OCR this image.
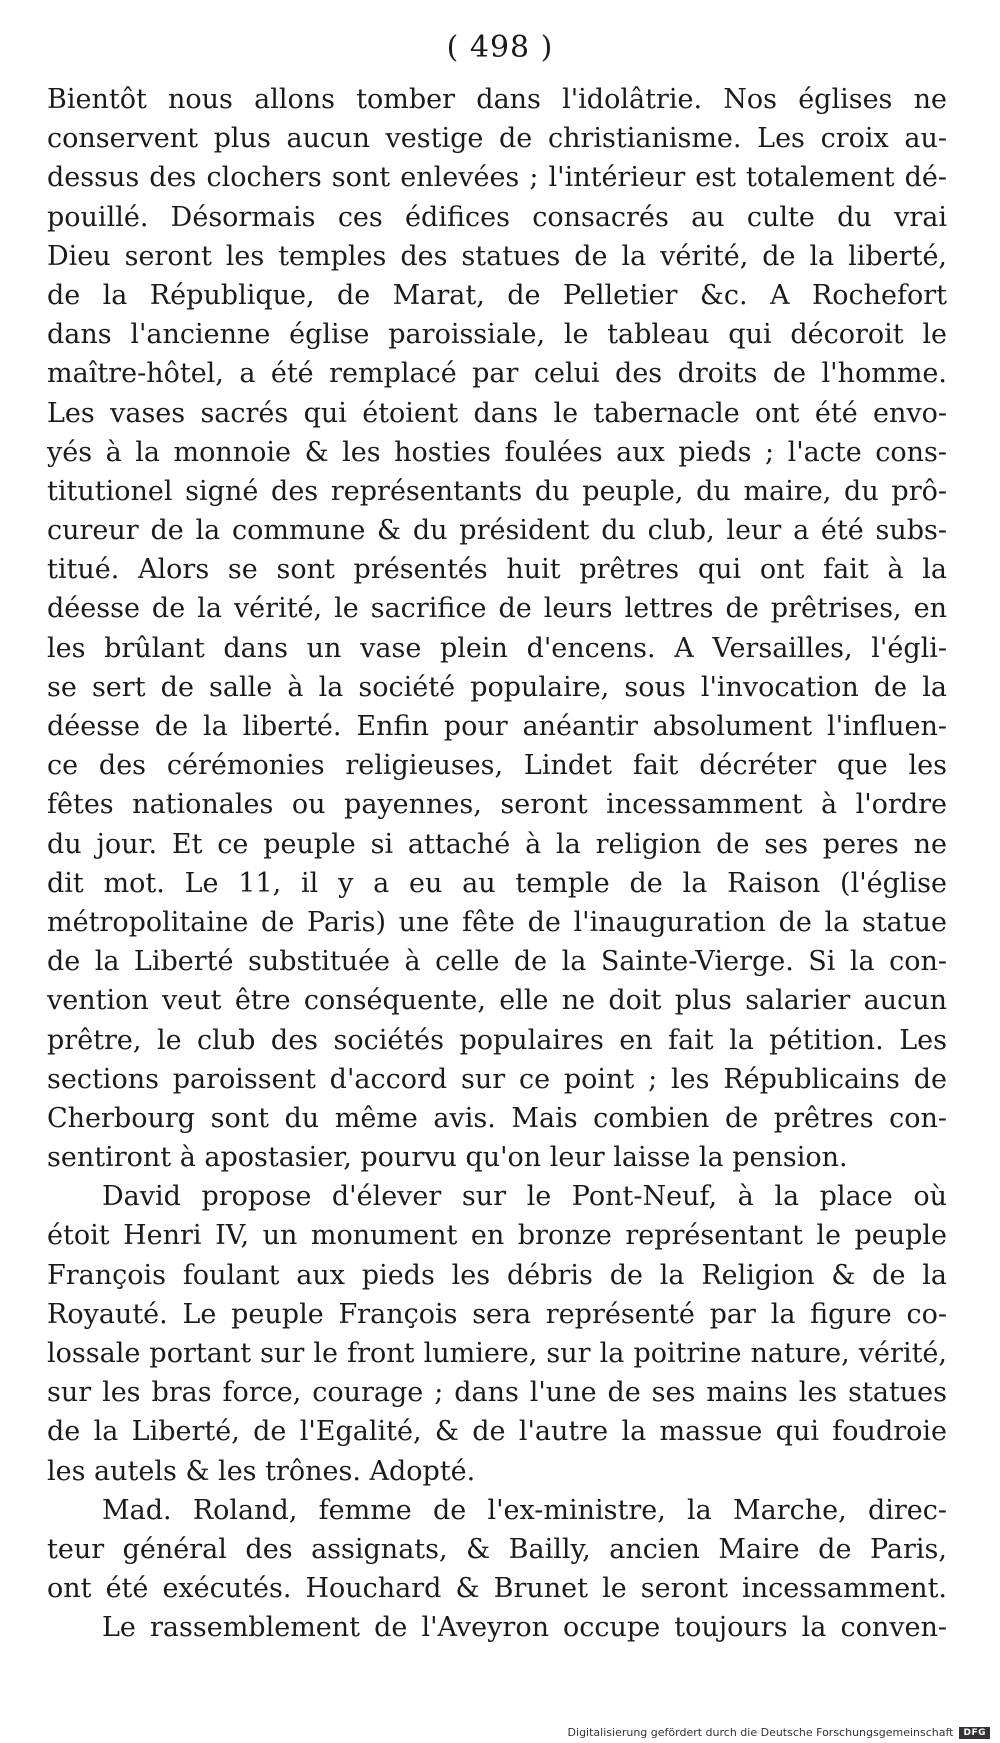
( 498 )
Bientôt nous allons tomber dans l'idolâtrie. Nos églises ne
conservent plus aucun vestige de christianisme. Les croix au-
dessus des clochers sont enlevées ; l'intérieur est totalement dé-
pouillé. Désormais ces édifices consacrés au culte du vrai
Dieu seront les temples des statues de la vérité, de la liberté,
de la République, de Marat, de Pelletier &c. A Rochefort
dans l'ancienne église paroissiale, le tableau qui décoroit le
maître-hôtel, a été remplacé par celui des droits de l'homme.
Les vases sacrés qui étoient dans le tabernacle ont été envo-
yés à la monnoie & les hosties foulées aux pieds ; l'acte cons-
titutionel signé des représentants du peuple, du maire, du prô-
cureur de la commune & du président du club, leur a été subs-
titué. Alors se sont présentés huit prêtres qui ont fait à la
déesse de la vérité, le sacrifice de leurs lettres de prêtrises, en
les brûlant dans un vase plein d'encens. A Versailles, l'égli-
se sert de salle à la société populaire, sous l'invocation de la
déesse de la liberté. Enfin pour anéantir absolument l'influen-
ce des cérémonies religieuses, Lindet fait décréter que les
fêtes nationales ou payennes, seront incessamment à l'ordre
du jour. Et ce peuple si attaché à la religion de ses peres ne
dit mot. Le 11, il y a eu au temple de la Raison (l'église
métropolitaine de Paris) une fête de l'inauguration de la statue
de la Liberté substituée à celle de la Sainte-Vierge. Si la con-
vention veut être conséquente, elle ne doit plus salarier aucun
prêtre, le club des sociétés populaires en fait la pétition. Les
sections paroissent d'accord sur ce point ; les Républicains de
Cherbourg sont du même avis. Mais combien de prêtres con-
sentiront à apostasier, pourvu qu'on leur laisse la pension.
David propose d'élever sur le Pont-Neuf, à la place où
étoit Henri IV, un monument en bronze représentant le peuple
François foulant aux pieds les débris de la Religion & de la
Royauté. Le peuple François sera représenté par la figure co-
lossale portant sur le front lumiere, sur la poitrine nature, vérité,
sur les bras force, courage ; dans l'une de ses mains les statues
de la Liberté, de l'Egalité, & de l'autre la massue qui foudroie
les autels & les trônes. Adopté.
Mad. Roland, femme de l'ex-ministre, la Marche, direc-
teur général des assignats, & Bailly, ancien Maire de Paris,
ont été exécutés. Houchard & Brunet le seront incessamment.
Le rassemblement de l'Aveyron occupe toujours la conven-
Digitalisierung gefördert durch die Deutsche Forschungsgemeinschaft	DFG
